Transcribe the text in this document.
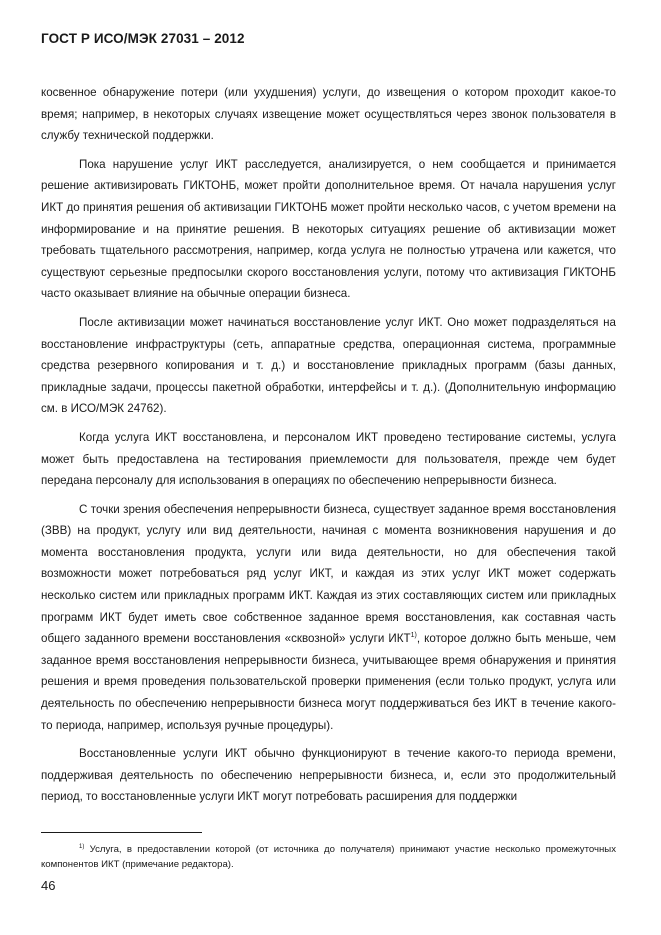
ГОСТ Р ИСО/МЭК 27031 – 2012

косвенное обнаружение потери (или ухудшения) услуги, до извещения о котором проходит какое-то время; например, в некоторых случаях извещение может осуществляться через звонок пользователя в службу технической поддержки.

Пока нарушение услуг ИКТ расследуется, анализируется, о нем сообщается и принимается решение активизировать ГИКТОНБ, может пройти дополнительное время. От начала нарушения услуг ИКТ до принятия решения об активизации ГИКТОНБ может пройти несколько часов, с учетом времени на информирование и на принятие решения. В некоторых ситуациях решение об активизации может требовать тщательного рассмотрения, например, когда услуга не полностью утрачена или кажется, что существуют серьезные предпосылки скорого восстановления услуги, потому что активизация ГИКТОНБ часто оказывает влияние на обычные операции бизнеса.

После активизации может начинаться восстановление услуг ИКТ. Оно может подразделяться на восстановление инфраструктуры (сеть, аппаратные средства, операционная система, программные средства резервного копирования и т. д.) и восстановление прикладных программ (базы данных, прикладные задачи, процессы пакетной обработки, интерфейсы и т. д.). (Дополнительную информацию см. в ИСО/МЭК 24762).

Когда услуга ИКТ восстановлена, и персоналом ИКТ проведено тестирование системы, услуга может быть предоставлена на тестирования приемлемости для пользователя, прежде чем будет передана персоналу для использования в операциях по обеспечению непрерывности бизнеса.

С точки зрения обеспечения непрерывности бизнеса, существует заданное время восстановления (ЗВВ) на продукт, услугу или вид деятельности, начиная с момента возникновения нарушения и до момента восстановления продукта, услуги или вида деятельности, но для обеспечения такой возможности может потребоваться ряд услуг ИКТ, и каждая из этих услуг ИКТ может содержать несколько систем или прикладных программ ИКТ. Каждая из этих составляющих систем или прикладных программ ИКТ будет иметь свое собственное заданное время восстановления, как составная часть общего заданного времени восстановления «сквозной» услуги ИКТ$^{1)}$, которое должно быть меньше, чем заданное время восстановления непрерывности бизнеса, учитывающее время обнаружения и принятия решения и время проведения пользовательской проверки применения (если только продукт, услуга или деятельность по обеспечению непрерывности бизнеса могут поддерживаться без ИКТ в течение какого-то периода, например, используя ручные процедуры).

Восстановленные услуги ИКТ обычно функционируют в течение какого-то периода времени, поддерживая деятельность по обеспечению непрерывности бизнеса, и, если это продолжительный период, то восстановленные услуги ИКТ могут потребовать расширения для поддержки

$^{1)}$ Услуга, в предоставлении которой (от источника до получателя) принимают участие несколько промежуточных компонентов ИКТ (примечание редактора).
46
